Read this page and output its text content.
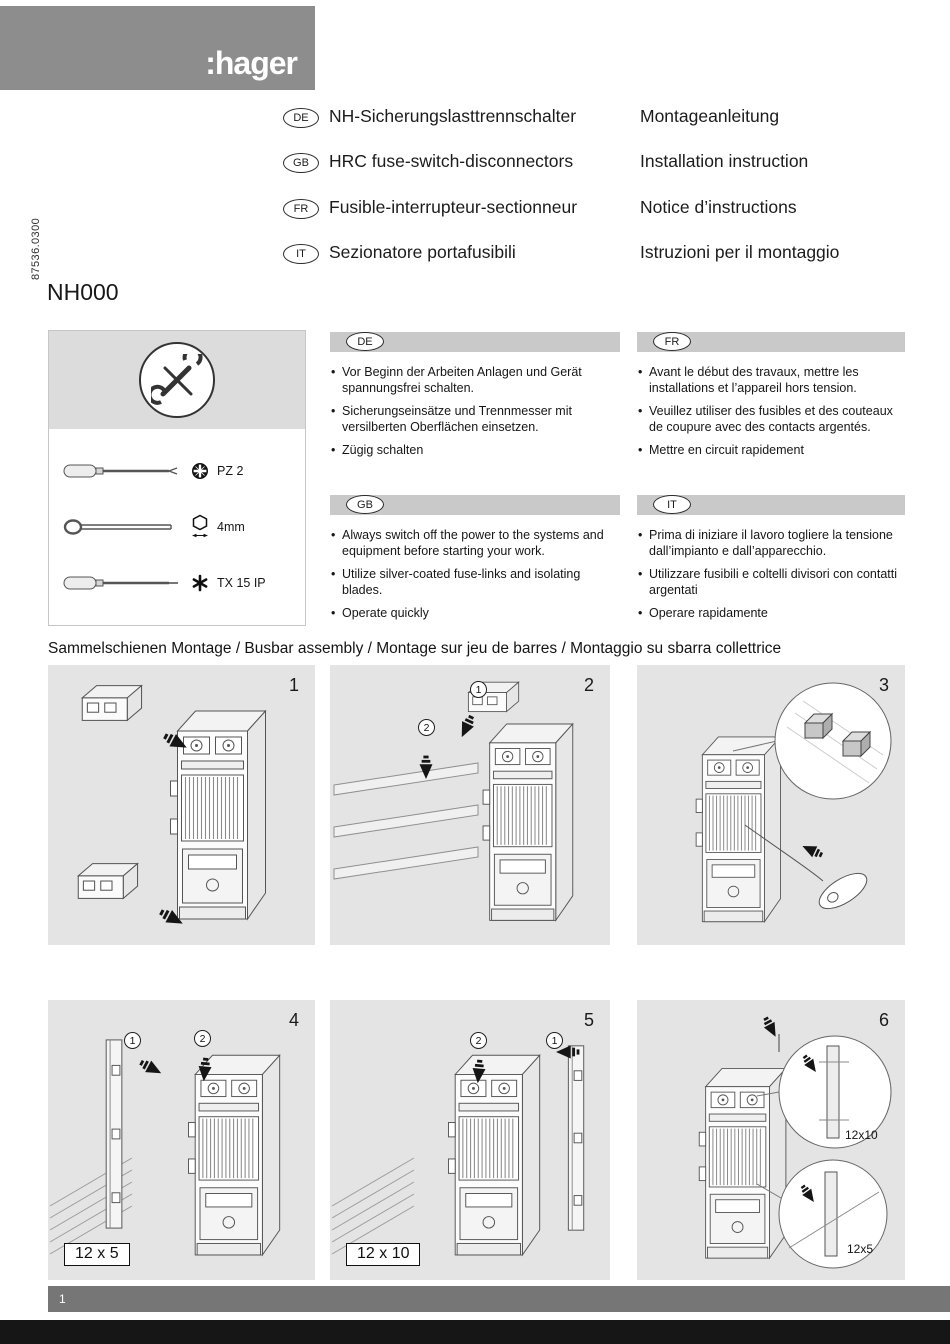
:hager
87536.0300
NH000
DE	NH-Sicherungslasttrennschalter	Montageanleitung
GB	HRC fuse-switch-disconnectors	Installation instruction
FR	Fusible-interrupteur-sectionneur	Notice d’instructions
IT	Sezionatore portafusibili	Istruzioni per il montaggio
PZ 2
4mm
TX 15 IP
DE
• Vor Beginn der Arbeiten Anlagen und Gerät spannungsfrei schalten.
• Sicherungseinsätze und Trennmesser mit versilberten Oberflächen einsetzen.
• Zügig schalten
FR
• Avant le début des travaux, mettre les installations et l’appareil hors tension.
• Veuillez utiliser des fusibles et des couteaux de coupure avec des contacts argentés.
• Mettre en circuit rapidement
GB
• Always switch off the power to the systems and equipment before starting your work.
• Utilize silver-coated fuse-links and isolating blades.
• Operate quickly
IT
• Prima di iniziare il lavoro togliere la tensione dall’impianto e dall’apparecchio.
• Utilizzare fusibili e coltelli divisori con contatti argentati
• Operare rapidamente
Sammelschienen Montage / Busbar assembly / Montage sur jeu de barres / Montaggio su sbarra collettrice
1	1
2
2	3
1	2
12 x 5
4
2	1
12 x 10
5
12x10
12x5
6
1
